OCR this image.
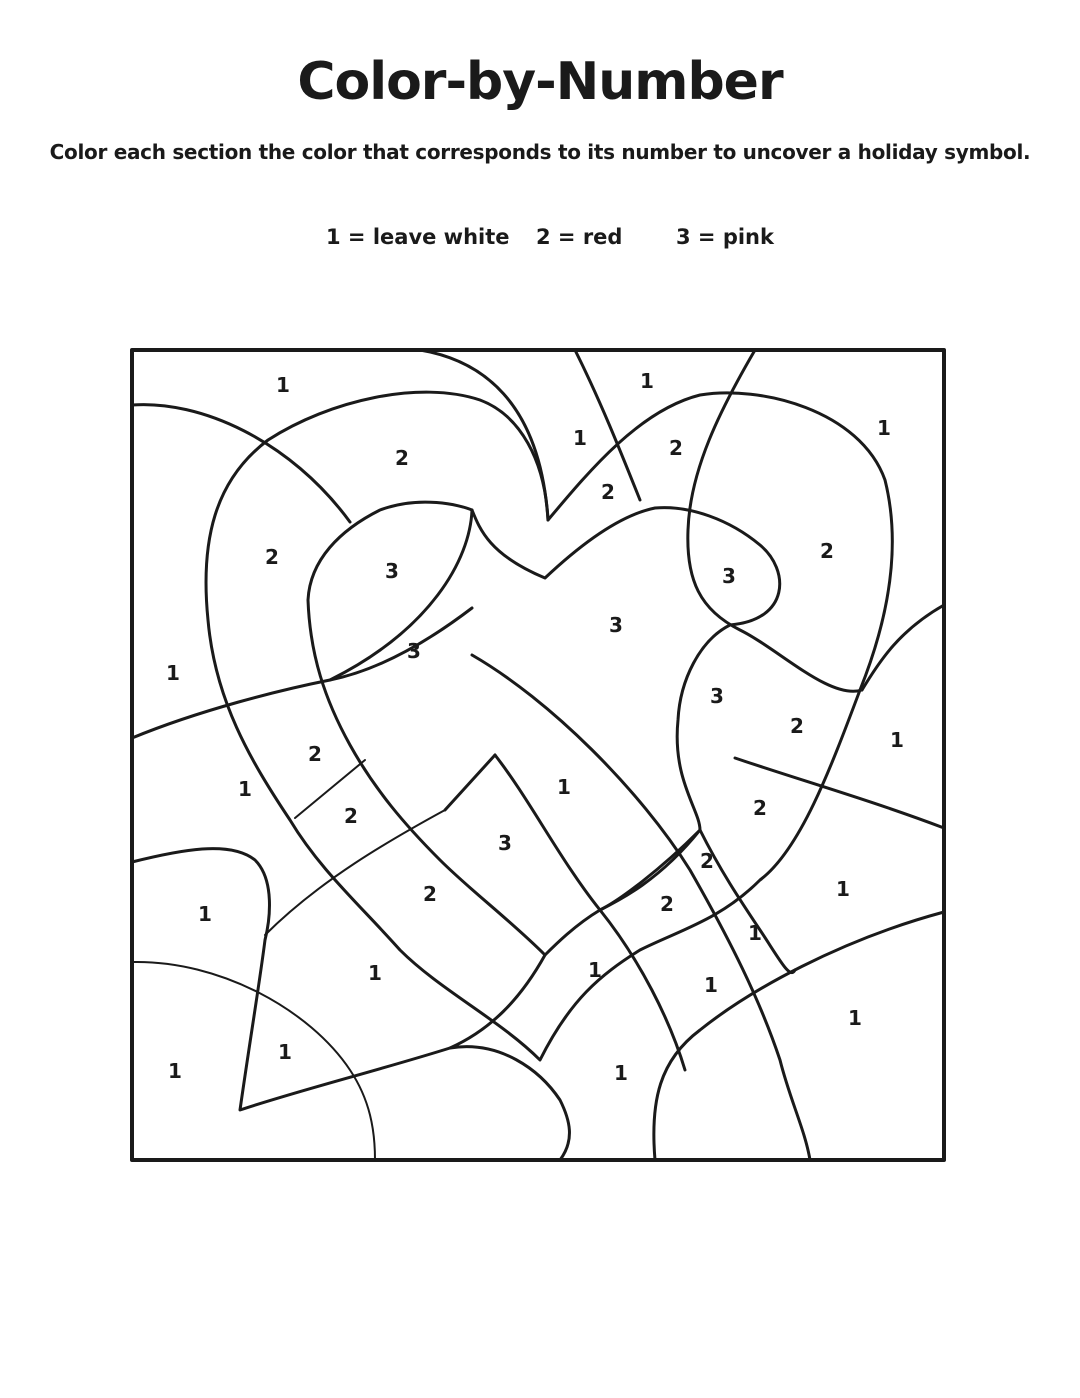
Color-by-Number
Color each section the color that corresponds to its number to uncover a holiday symbol.
1 = leave white 2 = red	3 = pink
1	1
1
2
1	2
2
3
2
3
3
2
3
1
1
3
2
1
2
2
1
3
2
2
2	1
1
1
2
1	1
1
1
1
1	1
